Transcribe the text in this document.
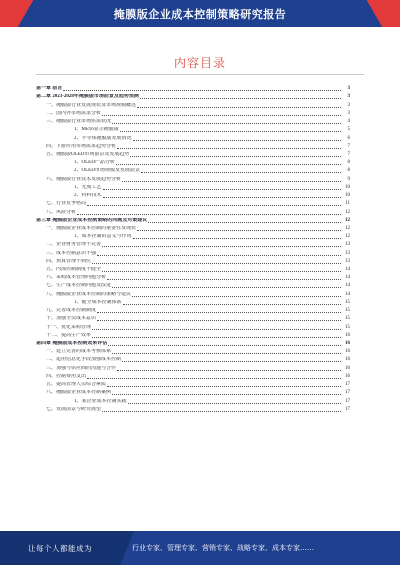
掩膜版企业成本控制策略研究报告
内容目录
第一章 前言	3
第二章 2023-2028年掩膜版市场前景及趋势预测	3
一、掩膜版行业发展现状及市场规模概述	3
二、国内外市场需求分析	3
三、掩膜版行业市场供需状况	4
1、Micro显示掩膜版	5
2、半导体掩膜版发展情况	6
四、下游应用市场需求趋势分析	7
五、掩膜版OLED市场前景及发展趋势	7
1、OLED产品分析	8
2、OLED市场规模及发展前景	8
六、掩膜版行业技术发展趋势分析	9
1、光刻工艺	10
2、材料技术	10
七、行业竞争格局	11
八、风险分析	12
第三章 掩膜版企业成本控制策略的问题及对策建议	12
一、掩膜版企业成本控制的重要性及现状	12
1、成本控制的意义与作用	12
二、企业财务管理不完善	13
三、成本控制意识不强	13
四、预算管理不到位	13
五、内部控制制度不健全	14
六、采购成本管理问题分析	14
七、生产成本控制问题及改进	14
八、掩膜版企业成本控制的策略与建议	14
1、健全成本控制体系	15
九、完善成本控制制度	15
十、加强全员成本意识	15
十一、优化采购管理	15
十二、提高生产效率	16
第四章 掩膜版成本控制效果评估	16
一、建立完善的成本考核体系	16
二、运用信息化手段加强成本控制	16
三、加强与供应商的沟通与合作	16
四、控制费用支出	16
五、提高管理人员综合素质	17
六、掩膜版企业成本控制案例	17
1、某企业成本控制实践	17
七、发展前景与研究展望	17
让每个人都能成为	行业专家、管理专家、营销专家、战略专家、成本专家……
